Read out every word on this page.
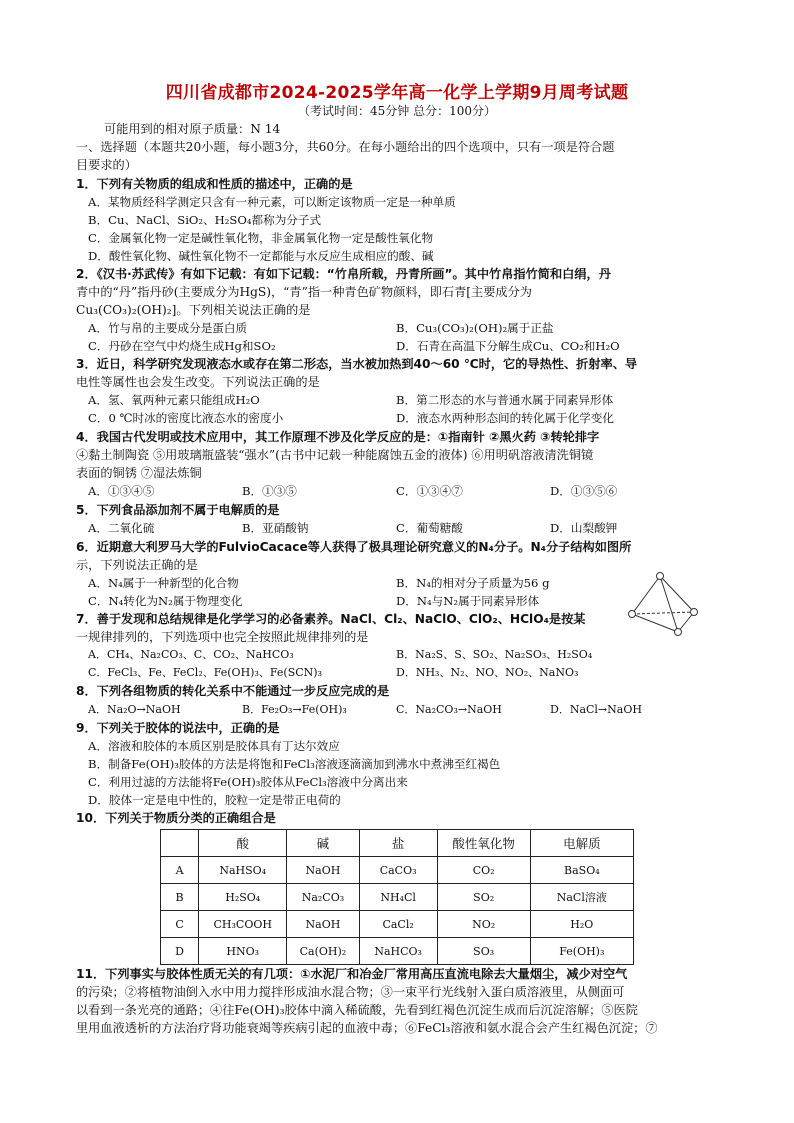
四川省成都市2024-2025学年高一化学上学期9月周考试题
（考试时间：45分钟 总分：100分）
可能用到的相对原子质量：N 14
一、选择题（本题共20小题，每小题3分，共60分。在每小题给出的四个选项中，只有一项是符合题
目要求的）
1．下列有关物质的组成和性质的描述中，正确的是
A．某物质经科学测定只含有一种元素，可以断定该物质一定是一种单质
B．Cu、NaCl、SiO₂、H₂SO₄都称为分子式
C．金属氧化物一定是碱性氧化物，非金属氧化物一定是酸性氧化物
D．酸性氧化物、碱性氧化物不一定都能与水反应生成相应的酸、碱
2．《汉书·苏武传》有如下记载：有如下记载：“竹帛所载，丹青所画”。其中竹帛指竹简和白绢，丹
青中的“丹”指丹砂(主要成分为HgS)，“青”指一种青色矿物颜料，即石青[主要成分为
Cu₃(CO₃)₂(OH)₂]。下列相关说法正确的是
A．竹与帛的主要成分是蛋白质	B．Cu₃(CO₃)₂(OH)₂属于正盐
C．丹砂在空气中灼烧生成Hg和SO₂	D．石青在高温下分解生成Cu、CO₂和H₂O
3．近日，科学研究发现液态水或存在第二形态，当水被加热到40～60 ℃时，它的导热性、折射率、导
电性等属性也会发生改变。下列说法正确的是
A．氢、氧两种元素只能组成H₂O	B．第二形态的水与普通水属于同素异形体
C．0 ℃时冰的密度比液态水的密度小	D．液态水两种形态间的转化属于化学变化
4．我国古代发明或技术应用中，其工作原理不涉及化学反应的是：①指南针 ②黑火药 ③转轮排字
④黏土制陶瓷 ⑤用玻璃瓶盛装“强水”(古书中记载一种能腐蚀五金的液体) ⑥用明矾溶液清洗铜镜
表面的铜锈 ⑦湿法炼铜
A．①③④⑤	B．①③⑤	C．①③④⑦	D．①③⑤⑥
5．下列食品添加剂不属于电解质的是
A．二氧化硫	B．亚硝酸钠	C．葡萄糖酸	D．山梨酸钾
6．近期意大利罗马大学的FulvioCacace等人获得了极具理论研究意义的N₄分子。N₄分子结构如图所
示，下列说法正确的是
A．N₄属于一种新型的化合物	B．N₄的相对分子质量为56 g
C．N₄转化为N₂属于物理变化	D．N₄与N₂属于同素异形体
7．善于发现和总结规律是化学学习的必备素养。NaCl、Cl₂、NaClO、ClO₂、HClO₄是按某
一规律排列的，下列选项中也完全按照此规律排列的是
A．CH₄、Na₂CO₃、C、CO₂、NaHCO₃	B．Na₂S、S、SO₂、Na₂SO₃、H₂SO₄
C．FeCl₃、Fe、FeCl₂、Fe(OH)₃、Fe(SCN)₃	D．NH₃、N₂、NO、NO₂、NaNO₃
8．下列各组物质的转化关系中不能通过一步反应完成的是
A．Na₂O→NaOH	B．Fe₂O₃→Fe(OH)₃	C．Na₂CO₃→NaOH	D．NaCl→NaOH
9．下列关于胶体的说法中，正确的是
A．溶液和胶体的本质区别是胶体具有丁达尔效应
B．制备Fe(OH)₃胶体的方法是将饱和FeCl₃溶液逐滴滴加到沸水中煮沸至红褐色
C．利用过滤的方法能将Fe(OH)₃胶体从FeCl₃溶液中分离出来
D．胶体一定是电中性的，胶粒一定是带正电荷的
10．下列关于物质分类的正确组合是
	酸	碱	盐	酸性氧化物	电解质
A	NaHSO₄	NaOH	CaCO₃	CO₂	BaSO₄
B	H₂SO₄	Na₂CO₃	NH₄Cl	SO₂	NaCl溶液
C	CH₃COOH	NaOH	CaCl₂	NO₂	H₂O
D	HNO₃	Ca(OH)₂	NaHCO₃	SO₃	Fe(OH)₃
11．下列事实与胶体性质无关的有几项：①水泥厂和冶金厂常用高压直流电除去大量烟尘，减少对空气
的污染；②将植物油倒入水中用力搅拌形成油水混合物；③一束平行光线射入蛋白质溶液里，从侧面可
以看到一条光亮的通路；④往Fe(OH)₃胶体中滴入稀硫酸，先看到红褐色沉淀生成而后沉淀溶解；⑤医院
里用血液透析的方法治疗肾功能衰竭等疾病引起的血液中毒；⑥FeCl₃溶液和氨水混合会产生红褐色沉淀；⑦
